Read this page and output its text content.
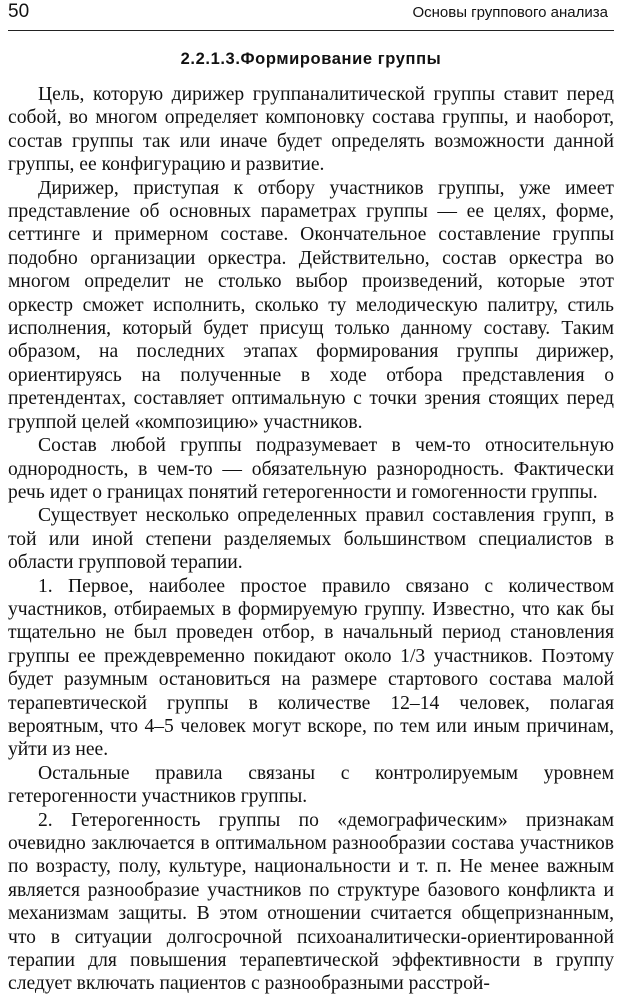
50	Основы группового анализа
2.2.1.3.Формирование группы

Цель, которую дирижер группаналитической группы ставит перед собой, во многом определяет компоновку состава группы, и наоборот, состав группы так или иначе будет определять возможности данной группы, ее конфигурацию и развитие.

Дирижер, приступая к отбору участников группы, уже имеет представление об основных параметрах группы — ее целях, форме, сеттинге и примерном составе. Окончательное составление группы подобно организации оркестра. Действительно, состав оркестра во многом определит не столько выбор произведений, которые этот оркестр сможет исполнить, сколько ту мелодическую палитру, стиль исполнения, который будет присущ только данному составу. Таким образом, на последних этапах формирования группы дирижер, ориентируясь на полученные в ходе отбора представления о претендентах, составляет оптимальную с точки зрения стоящих перед группой целей «композицию» участников.

Состав любой группы подразумевает в чем-то относительную однородность, в чем-то — обязательную разнородность. Фактически речь идет о границах понятий гетерогенности и гомогенности группы.

Существует несколько определенных правил составления групп, в той или иной степени разделяемых большинством специалистов в области групповой терапии.

1. Первое, наиболее простое правило связано с количеством участников, отбираемых в формируемую группу. Известно, что как бы тщательно не был проведен отбор, в начальный период становления группы ее преждевременно покидают около 1/3 участников. Поэтому будет разумным остановиться на размере стартового состава малой терапевтической группы в количестве 12–14 человек, полагая вероятным, что 4–5 человек могут вскоре, по тем или иным причинам, уйти из нее.

Остальные правила связаны с контролируемым уровнем гетерогенности участников группы.

2. Гетерогенность группы по «демографическим» признакам очевидно заключается в оптимальном разнообразии состава участников по возрасту, полу, культуре, национальности и т. п. Не менее важным является разнообразие участников по структуре базового конфликта и механизмам защиты. В этом отношении считается общепризнанным, что в ситуации долгосрочной психоаналитически-ориентированной терапии для повышения терапевтической эффективности в группу следует включать пациентов с разнообразными расстрой-
